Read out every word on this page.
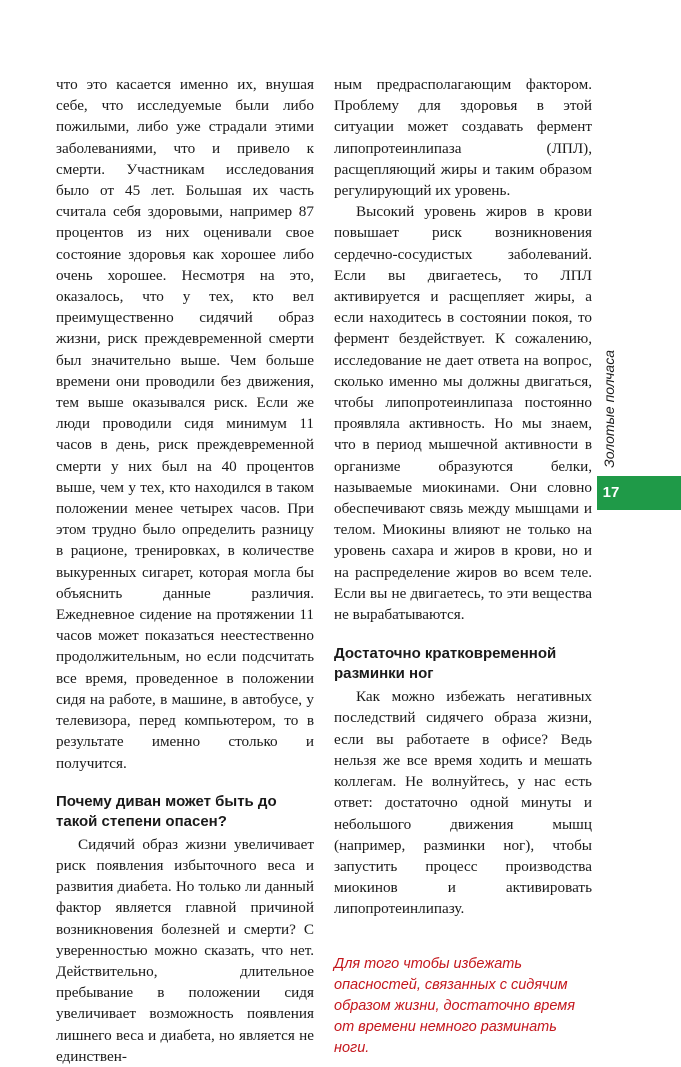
что это касается именно их, внушая себе, что исследуемые были либо пожилыми, либо уже страдали этими заболеваниями, что и привело к смерти. Участникам исследования было от 45 лет. Большая их часть считала себя здоровыми, например 87 процентов из них оценивали свое состояние здоровья как хорошее либо очень хорошее. Несмотря на это, оказалось, что у тех, кто вел преимущественно сидячий образ жизни, риск преждевременной смерти был значительно выше. Чем больше времени они проводили без движения, тем выше оказывался риск. Если же люди проводили сидя минимум 11 часов в день, риск преждевременной смерти у них был на 40 процентов выше, чем у тех, кто находился в таком положении менее четырех часов. При этом трудно было определить разницу в рационе, тренировках, в количестве выкуренных сигарет, которая могла бы объяснить данные различия. Ежедневное сидение на протяжении 11 часов может показаться неестественно продолжительным, но если подсчитать все время, проведенное в положении сидя на работе, в машине, в автобусе, у телевизора, перед компьютером, то в результате именно столько и получится.

Почему диван может быть до такой степени опасен?

Сидячий образ жизни увеличивает риск появления избыточного веса и развития диабета. Но только ли данный фактор является главной причиной возникновения болезней и смерти? С уверенностью можно сказать, что нет. Действительно, длительное пребывание в положении сидя увеличивает возможность появления лишнего веса и диабета, но является не единствен-

ным предрасполагающим фактором. Проблему для здоровья в этой ситуации может создавать фермент липопротеинлипаза (ЛПЛ), расщепляющий жиры и таким образом регулирующий их уровень.

Высокий уровень жиров в крови повышает риск возникновения сердечно-сосудистых заболеваний. Если вы двигаетесь, то ЛПЛ активируется и расщепляет жиры, а если находитесь в состоянии покоя, то фермент бездействует. К сожалению, исследование не дает ответа на вопрос, сколько именно мы должны двигаться, чтобы липопротеинлипаза постоянно проявляла активность. Но мы знаем, что в период мышечной активности в организме образуются белки, называемые миокинами. Они словно обеспечивают связь между мышцами и телом. Миокины влияют не только на уровень сахара и жиров в крови, но и на распределение жиров во всем теле. Если вы не двигаетесь, то эти вещества не вырабатываются.

Достаточно кратковременной разминки ног

Как можно избежать негативных последствий сидячего образа жизни, если вы работаете в офисе? Ведь нельзя же все время ходить и мешать коллегам. Не волнуйтесь, у нас есть ответ: достаточно одной минуты и небольшого движения мышц (например, разминки ног), чтобы запустить процесс производства миокинов и активировать липопротеинлипазу.

Для того чтобы избежать опасностей, связанных с сидячим образом жизни, достаточно время от времени немного разминать ноги.
Золотые полчаса
17
